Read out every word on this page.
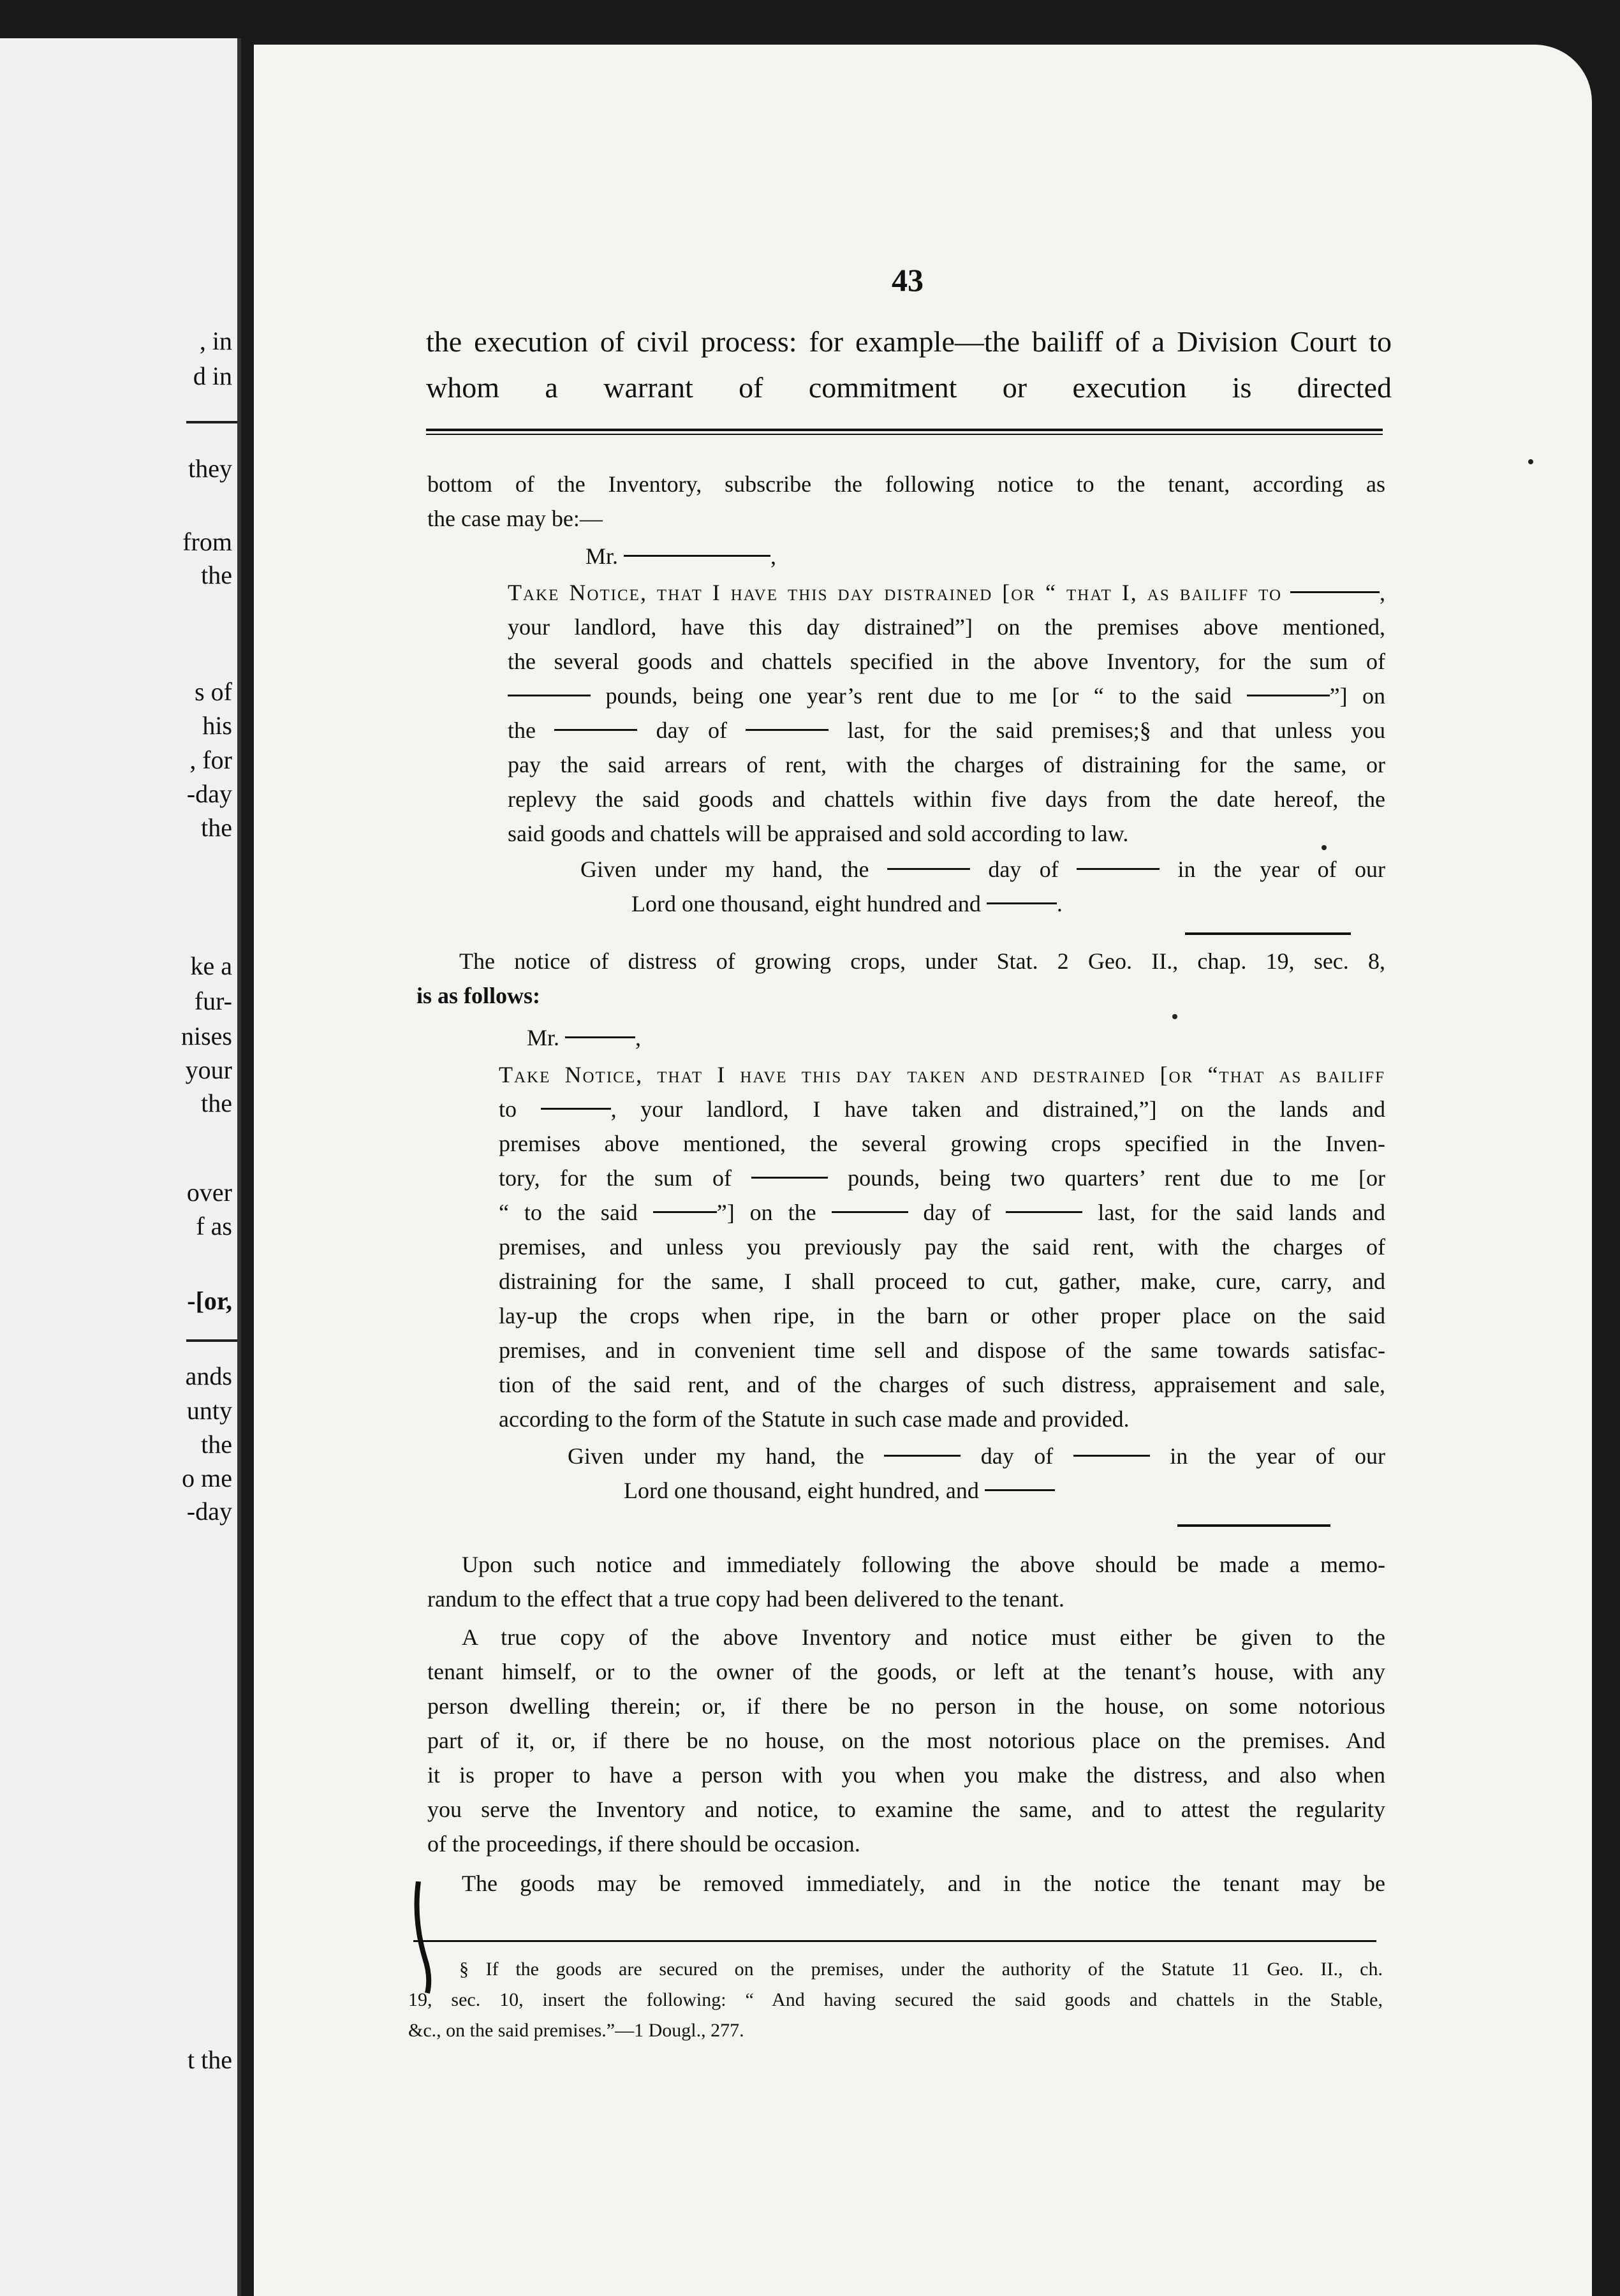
, in

d in

they

from

the

s of

his

, for

-day

the

ke a

fur-

nises

your

the

over

f as

-[or,

ands

unty

the

o me

-day

t the

43

the execution of civil process: for example—the bailiff of a Division Court to whom a warrant of commitment or execution is directed

bottom of the Inventory, subscribe the following notice to the tenant, according as

the case may be:—

Mr.	,

Take Notice, that I have this day distrained [or “ that I, as bailiff to	,

your landlord, have this day distrained”] on the premises above mentioned,

the several goods and chattels specified in the above Inventory, for the sum of

pounds, being one year’s rent due to me [or “ to the said	”] on

the	day of	last, for the said premises;§ and that unless you

pay the said arrears of rent, with the charges of distraining for the same, or

replevy the said goods and chattels within five days from the date hereof, the

said goods and chattels will be appraised and sold according to law.

Given under my hand, the	day of	in the year of our

Lord one thousand, eight hundred and	.

The notice of distress of growing crops, under Stat. 2 Geo. II., chap. 19, sec. 8,

is as follows:

Mr.	,

Take Notice, that I have this day taken and destrained [or “that as bailiff

to	, your landlord, I have taken and distrained,”] on the lands and

premises above mentioned, the several growing crops specified in the Inven-

tory, for the sum of	pounds, being two quarters’ rent due to me [or

“ to the said	”] on the	day of	last, for the said lands and

premises, and unless you previously pay the said rent, with the charges of

distraining for the same, I shall proceed to cut, gather, make, cure, carry, and

lay-up the crops when ripe, in the barn or other proper place on the said

premises, and in convenient time sell and dispose of the same towards satisfac-

tion of the said rent, and of the charges of such distress, appraisement and sale,

according to the form of the Statute in such case made and provided.

Given under my hand, the	day of	in the year of our

Lord one thousand, eight hundred, and

Upon such notice and immediately following the above should be made a memo-

randum to the effect that a true copy had been delivered to the tenant.

A true copy of the above Inventory and notice must either be given to the

tenant himself, or to the owner of the goods, or left at the tenant’s house, with any

person dwelling therein; or, if there be no person in the house, on some notorious

part of it, or, if there be no house, on the most notorious place on the premises. And

it is proper to have a person with you when you make the distress, and also when

you serve the Inventory and notice, to examine the same, and to attest the regularity

of the proceedings, if there should be occasion.

The goods may be removed immediately, and in the notice the tenant may be

§ If the goods are secured on the premises, under the authority of the Statute 11 Geo. II., ch.

19, sec. 10, insert the following: “ And having secured the said goods and chattels in the Stable,

&c., on the said premises.”—1 Dougl., 277.
